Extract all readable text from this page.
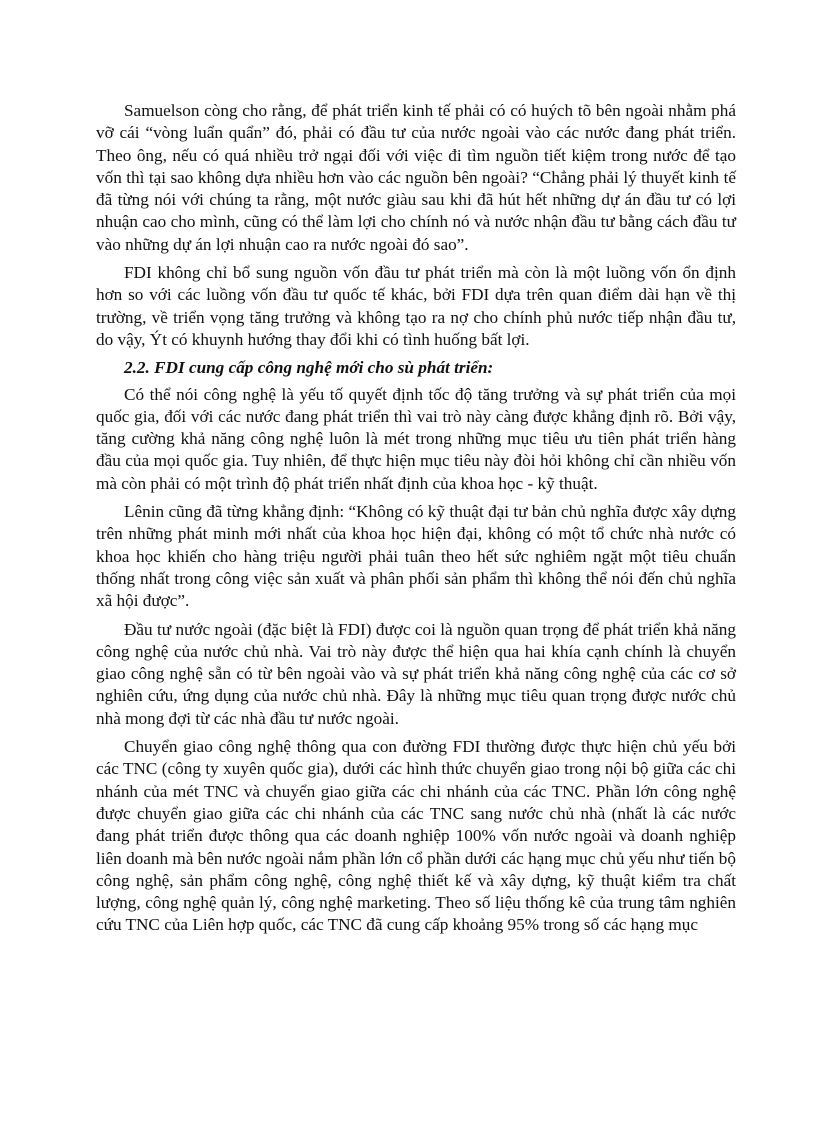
Samuelson còng cho rằng, để phát triển kinh tế phải có có huých tõ bên ngoài nhằm phá vỡ cái “vòng luẩn quẩn” đó, phải có đầu tư của nước ngoài vào các nước đang phát triển. Theo ông, nếu có quá nhiều trở ngại đối với việc đi tìm nguồn tiết kiệm trong nước để tạo vốn thì tại sao không dựa nhiều hơn vào các nguồn bên ngoài? “Chẳng phải lý thuyết kinh tế đã từng nói với chúng ta rằng, một nước giàu sau khi đã hút hết những dự án đầu tư có lợi nhuận cao cho mình, cũng có thể làm lợi cho chính nó và nước nhận đầu tư bằng cách đầu tư vào những dự án lợi nhuận cao ra nước ngoài đó sao”.

FDI không chỉ bổ sung nguồn vốn đầu tư phát triển mà còn là một luồng vốn ổn định hơn so với các luồng vốn đầu tư quốc tế khác, bởi FDI dựa trên quan điểm dài hạn về thị trường, về triển vọng tăng trưởng và không tạo ra nợ cho chính phủ nước tiếp nhận đầu tư, do vậy, Ýt có khuynh hướng thay đổi khi có tình huống bất lợi.

2.2. FDI cung cấp công nghệ mới cho sù phát triển:

Có thể nói công nghệ là yếu tố quyết định tốc độ tăng trưởng và sự phát triển của mọi quốc gia, đối với các nước đang phát triển thì vai trò này càng được khẳng định rõ. Bởi vậy, tăng cường khả năng công nghệ luôn là mét trong những mục tiêu ưu tiên phát triển hàng đầu của mọi quốc gia. Tuy nhiên, để thực hiện mục tiêu này đòi hỏi không chỉ cần nhiều vốn mà còn phải có một trình độ phát triển nhất định của khoa học - kỹ thuật.

Lênin cũng đã từng khẳng định: “Không có kỹ thuật đại tư bản chủ nghĩa được xây dựng trên những phát minh mới nhất của khoa học hiện đại, không có một tổ chức nhà nước có khoa học khiến cho hàng triệu người phải tuân theo hết sức nghiêm ngặt một tiêu chuẩn thống nhất trong công việc sản xuất và phân phối sản phẩm thì không thể nói đến chủ nghĩa xã hội được”.

Đầu tư nước ngoài (đặc biệt là FDI) được coi là nguồn quan trọng để phát triển khả năng công nghệ của nước chủ nhà. Vai trò này được thể hiện qua hai khía cạnh chính là chuyển giao công nghệ sẵn có từ bên ngoài vào và sự phát triển khả năng công nghệ của các cơ sở nghiên cứu, ứng dụng của nước chủ nhà. Đây là những mục tiêu quan trọng được nước chủ nhà mong đợi từ các nhà đầu tư nước ngoài.

Chuyển giao công nghệ thông qua con đường FDI thường được thực hiện chủ yếu bởi các TNC (công ty xuyên quốc gia), dưới các hình thức chuyển giao trong nội bộ giữa các chi nhánh của mét TNC và chuyển giao giữa các chi nhánh của các TNC. Phần lớn công nghệ được chuyển giao giữa các chi nhánh của các TNC sang nước chủ nhà (nhất là các nước đang phát triển được thông qua các doanh nghiệp 100% vốn nước ngoài và doanh nghiệp liên doanh mà bên nước ngoài nắm phần lớn cổ phần dưới các hạng mục chủ yếu như tiến bộ công nghệ, sản phẩm công nghệ, công nghệ thiết kế và xây dựng, kỹ thuật kiểm tra chất lượng, công nghệ quản lý, công nghệ marketing. Theo số liệu thống kê của trung tâm nghiên cứu TNC của Liên hợp quốc, các TNC đã cung cấp khoảng 95% trong số các hạng mục
